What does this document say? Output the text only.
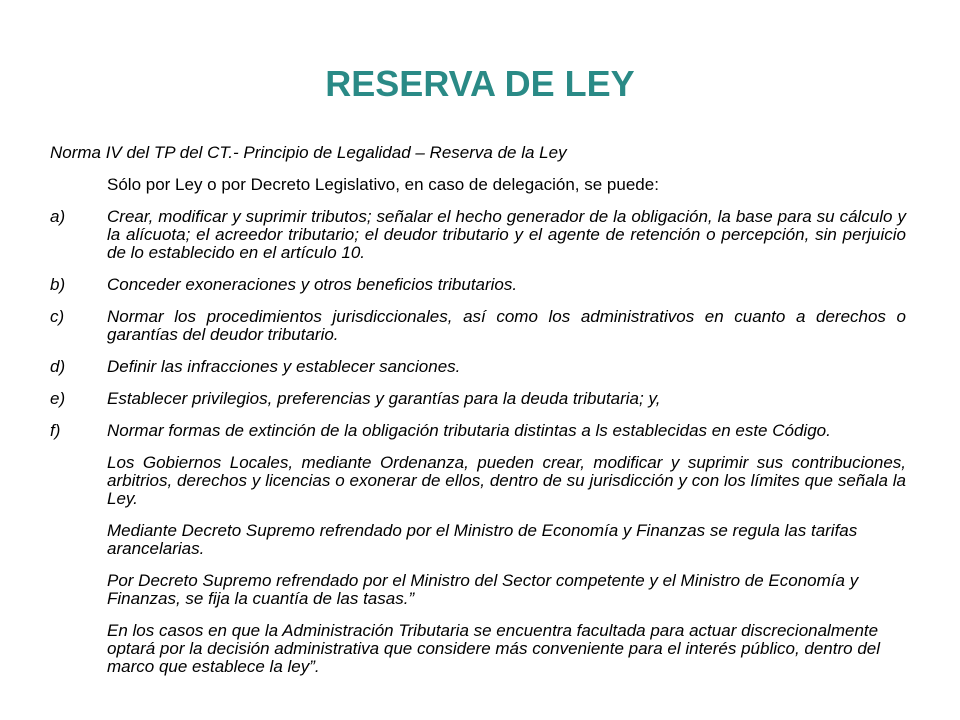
RESERVA DE LEY

Norma IV del TP del CT.- Principio de Legalidad – Reserva de la Ley

Sólo por Ley o por Decreto Legislativo, en caso de delegación, se puede:

a) Crear, modificar y suprimir tributos; señalar el hecho generador de la obligación, la base para su cálculo y la alícuota; el acreedor tributario; el deudor tributario y el agente de retención o percepción, sin perjuicio de lo establecido en el artículo 10.
b) Conceder exoneraciones y otros beneficios tributarios.
c)	Normar los procedimientos jurisdiccionales, así como los administrativos en cuanto a derechos o garantías del deudor tributario.
d) Definir las infracciones y establecer sanciones.
e) Establecer privilegios, preferencias y garantías para la deuda tributaria; y,
f)	Normar formas de extinción de la obligación tributaria distintas a ls establecidas en este Código.

Los Gobiernos Locales, mediante Ordenanza, pueden crear, modificar y suprimir sus contribuciones, arbitrios, derechos y licencias o exonerar de ellos, dentro de su jurisdicción y con los límites que señala la Ley.

Mediante Decreto Supremo refrendado por el Ministro de Economía y Finanzas se regula las tarifas arancelarias.

Por Decreto Supremo refrendado por el Ministro del Sector competente y el Ministro de Economía y Finanzas, se fija la cuantía de las tasas.”

En los casos en que la Administración Tributaria se encuentra facultada para actuar discrecionalmente optará por la decisión administrativa que considere más conveniente para el interés público, dentro del marco que establece la ley”.
